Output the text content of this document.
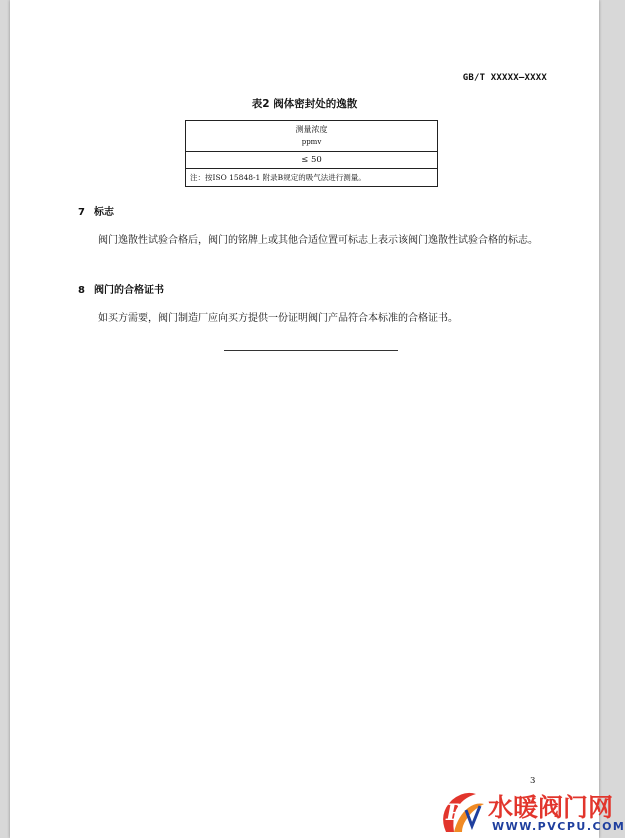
GB/T XXXXX—XXXX
表2 阀体密封处的逸散
测量浓度
ppmv

≤ 50
注：按ISO 15848-1 附录B规定的吸气法进行测量。
7 标志
阀门逸散性试验合格后，阀门的铭牌上或其他合适位置可标志上表示该阀门逸散性试验合格的标志。
8 阀门的合格证书
如买方需要，阀门制造厂应向买方提供一份证明阀门产品符合本标准的合格证书。
3
P 水暖阀门网
WWW.PVCPU.COM
